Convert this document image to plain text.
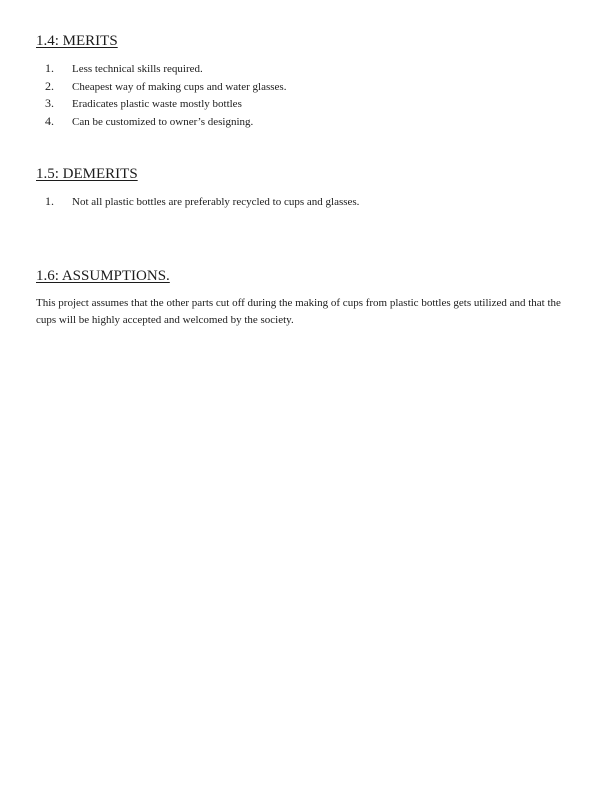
1.4: MERITS
1.	Less technical skills required.
2.	Cheapest way of making cups and water glasses.
3.	Eradicates plastic waste mostly bottles
4.	Can be customized to owner’s designing.
1.5: DEMERITS
1.	Not all plastic bottles are preferably recycled to cups and glasses.
1.6: ASSUMPTIONS.

This project assumes that the other parts cut off during the making of cups from plastic bottles gets utilized and that the cups will be highly accepted and welcomed by the society.
